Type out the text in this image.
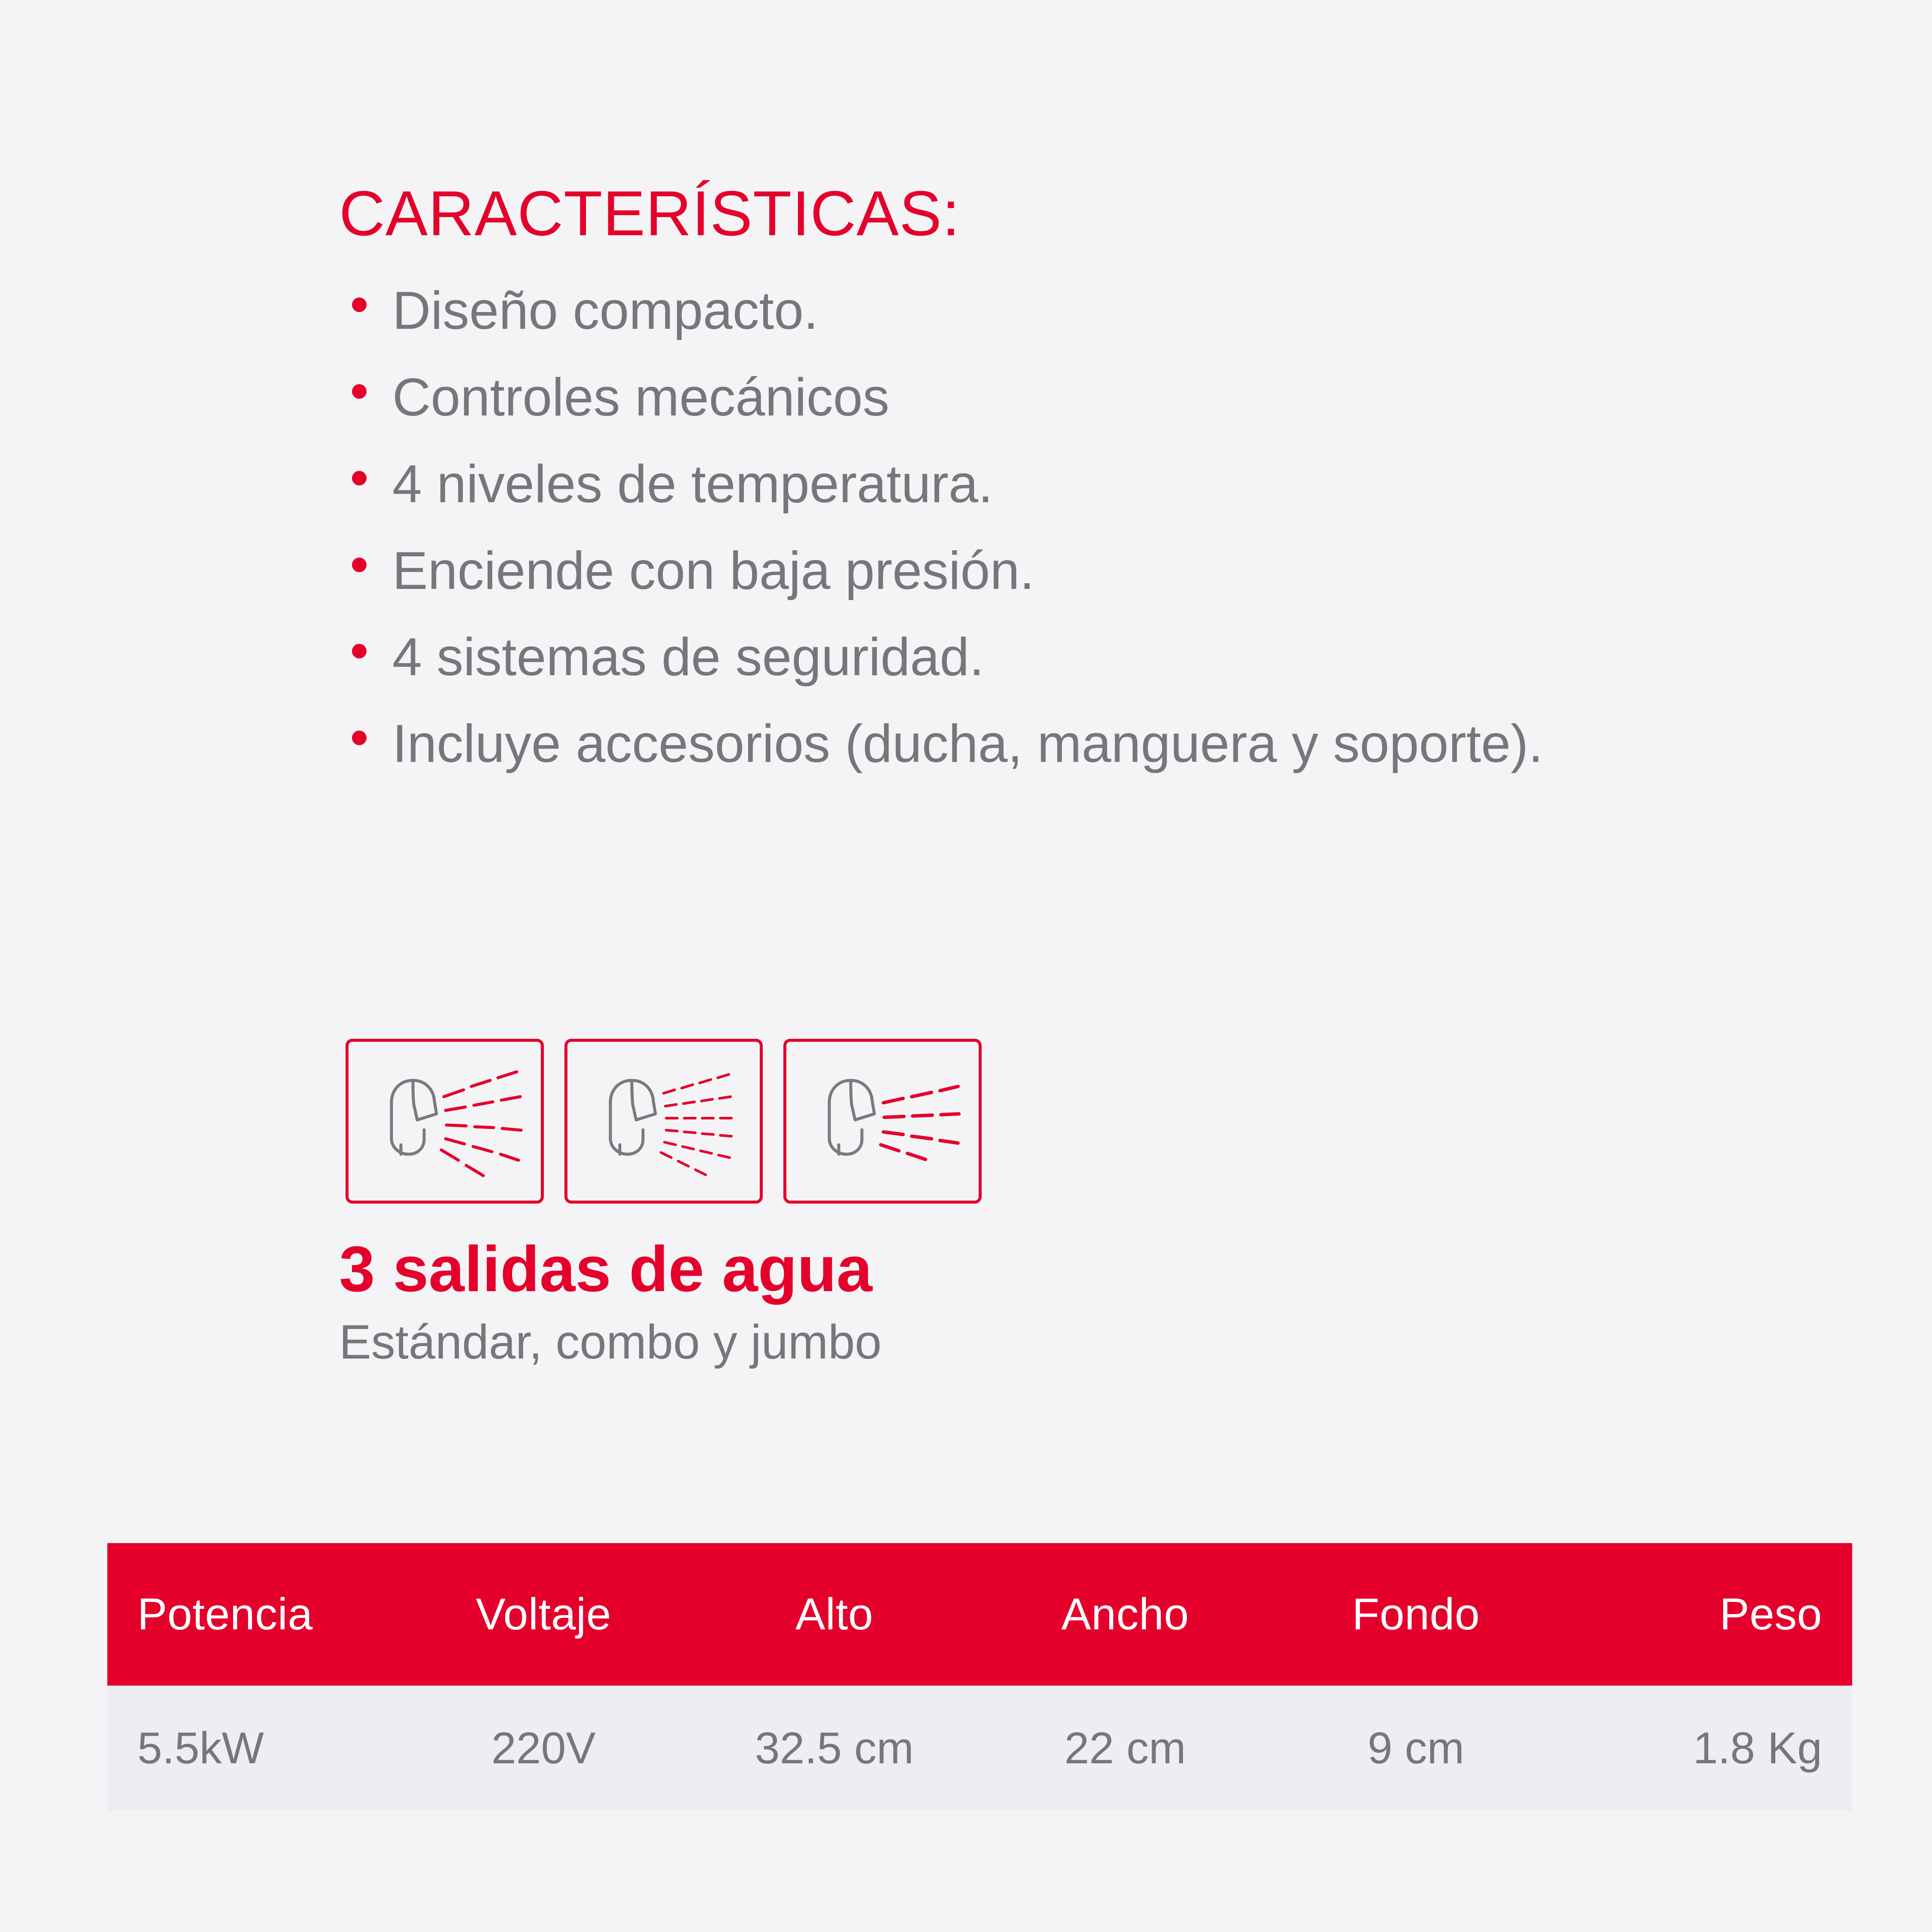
CARACTERÍSTICAS:
Diseño compacto.
Controles mecánicos
4 niveles de temperatura.
Enciende con baja presión.
4 sistemas de seguridad.
Incluye accesorios (ducha, manguera y soporte).
3 salidas de agua

Estándar, combo y jumbo

Potencia	Voltaje	Alto	Ancho	Fondo	Peso
5.5kW	220V	32.5 cm	22 cm	9 cm	1.8 Kg
